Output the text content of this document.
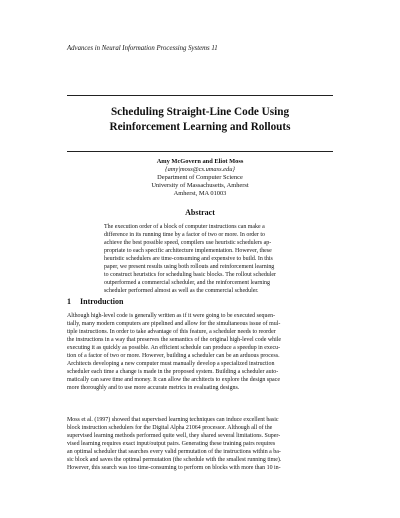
Advances in Neural Information Processing Systems 11
Scheduling Straight-Line Code Using
Reinforcement Learning and Rollouts
Amy McGovern and Eliot Moss
{amy|moss@cs.umass.edu}
Department of Computer Science
University of Massachusetts, Amherst
Amherst, MA 01003
Abstract
The execution order of a block of computer instructions can make a
difference in its running time by a factor of two or more. In order to
achieve the best possible speed, compilers use heuristic schedulers ap-
propriate to each specific architecture implementation. However, these
heuristic schedulers are time-consuming and expensive to build. In this
paper, we present results using both rollouts and reinforcement learning
to construct heuristics for scheduling basic blocks. The rollout scheduler
outperformed a commercial scheduler, and the reinforcement learning
scheduler performed almost as well as the commercial scheduler.
1 Introduction
Although high-level code is generally written as if it were going to be executed sequen-
tially, many modern computers are pipelined and allow for the simultaneous issue of mul-
tiple instructions. In order to take advantage of this feature, a scheduler needs to reorder
the instructions in a way that preserves the semantics of the original high-level code while
executing it as quickly as possible. An efficient schedule can produce a speedup in execu-
tion of a factor of two or more. However, building a scheduler can be an arduous process.
Architects developing a new computer must manually develop a specialized instruction
scheduler each time a change is made in the proposed system. Building a scheduler auto-
matically can save time and money. It can allow the architects to explore the design space
more thoroughly and to use more accurate metrics in evaluating designs.
Moss et al. (1997) showed that supervised learning techniques can induce excellent basic
block instruction schedulers for the Digital Alpha 21064 processor. Although all of the
supervised learning methods performed quite well, they shared several limitations. Super-
vised learning requires exact input/output pairs. Generating these training pairs requires
an optimal scheduler that searches every valid permutation of the instructions within a ba-
sic block and saves the optimal permutation (the schedule with the smallest running time).
However, this search was too time-consuming to perform on blocks with more than 10 in-
